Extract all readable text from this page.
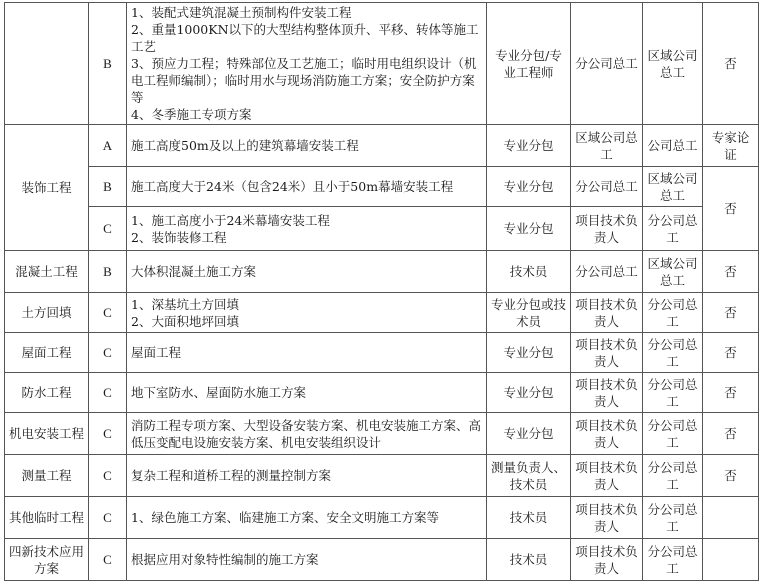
	B	1、装配式建筑混凝土预制构件安装工程
2、重量1000KN以下的大型结构整体顶升、平移、转体等施工工艺
3、预应力工程；特殊部位及工艺施工；临时用电组织设计（机电工程师编制）；临时用水与现场消防施工方案；安全防护方案等
4、冬季施工专项方案	专业分包/专业工程师	分公司总工	区域公司总工	否
装饰工程	A	施工高度50m及以上的建筑幕墙安装工程	专业分包	区域公司总工	公司总工	专家论证
	B	施工高度大于24米（包含24米）且小于50m幕墙安装工程	专业分包	分公司总工	区域公司总工	否
	C	1、施工高度小于24米幕墙安装工程
2、装饰装修工程	专业分包	项目技术负责人	分公司总工	
混凝土工程	B	大体积混凝土施工方案	技术员	分公司总工	区域公司总工	否
土方回填	C	1、深基坑土方回填
2、大面积地坪回填	专业分包或技术员	项目技术负责人	分公司总工	否
屋面工程	C	屋面工程	专业分包	项目技术负责人	分公司总工	否
防水工程	C	地下室防水、屋面防水施工方案	专业分包	项目技术负责人	分公司总工	否
机电安装工程	C	消防工程专项方案、大型设备安装方案、机电安装施工方案、高低压变配电设施安装方案、机电安装组织设计	专业分包	项目技术负责人	分公司总工	否
测量工程	C	复杂工程和道桥工程的测量控制方案	测量负责人、技术员	项目技术负责人	分公司总工	否
其他临时工程	C	1、绿色施工方案、临建施工方案、安全文明施工方案等	技术员	项目技术负责人	分公司总工	
四新技术应用方案	C	根据应用对象特性编制的施工方案	技术员	项目技术负责人	分公司总工	
